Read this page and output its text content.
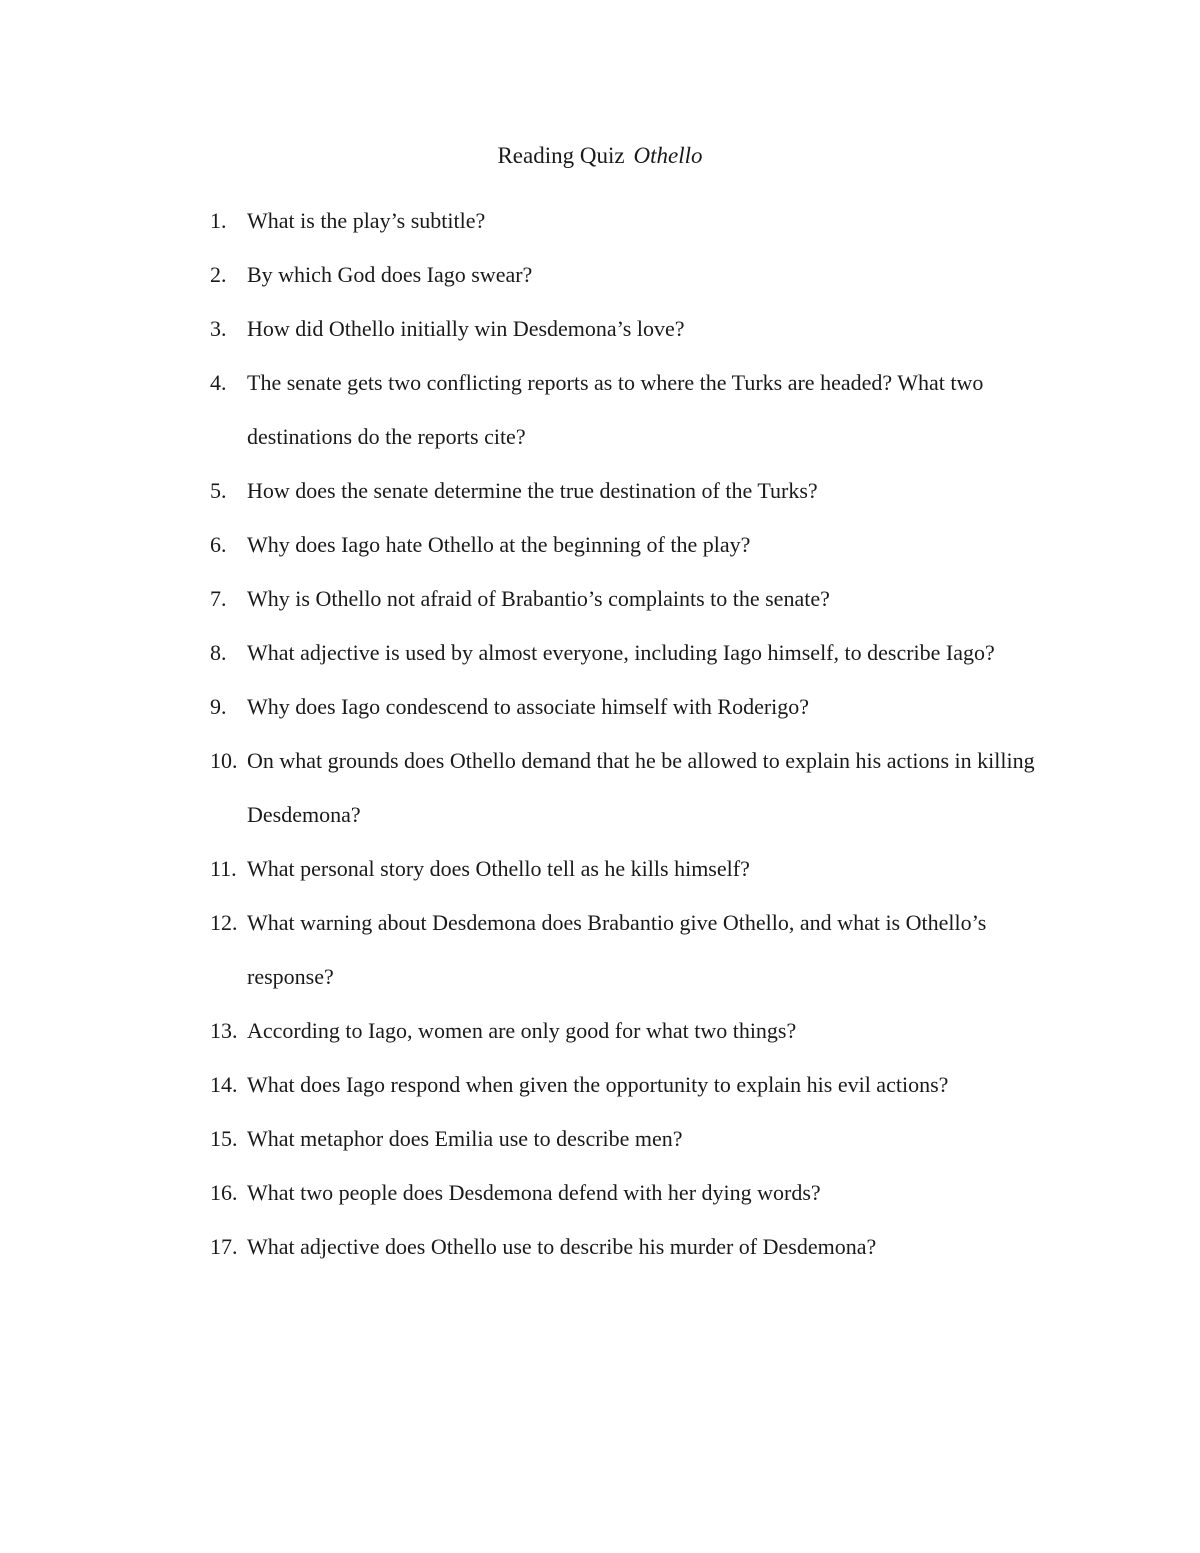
Reading Quiz Othello
1. What is the play’s subtitle?
2. By which God does Iago swear?
3. How did Othello initially win Desdemona’s love?
4. The senate gets two conflicting reports as to where the Turks are headed? What two destinations do the reports cite?
5. How does the senate determine the true destination of the Turks?
6. Why does Iago hate Othello at the beginning of the play?
7. Why is Othello not afraid of Brabantio’s complaints to the senate?
8. What adjective is used by almost everyone, including Iago himself, to describe Iago?
9. Why does Iago condescend to associate himself with Roderigo?
10. On what grounds does Othello demand that he be allowed to explain his actions in killing Desdemona?
11. What personal story does Othello tell as he kills himself?
12. What warning about Desdemona does Brabantio give Othello, and what is Othello’s response?
13. According to Iago, women are only good for what two things?
14. What does Iago respond when given the opportunity to explain his evil actions?
15. What metaphor does Emilia use to describe men?
16. What two people does Desdemona defend with her dying words?
17. What adjective does Othello use to describe his murder of Desdemona?
